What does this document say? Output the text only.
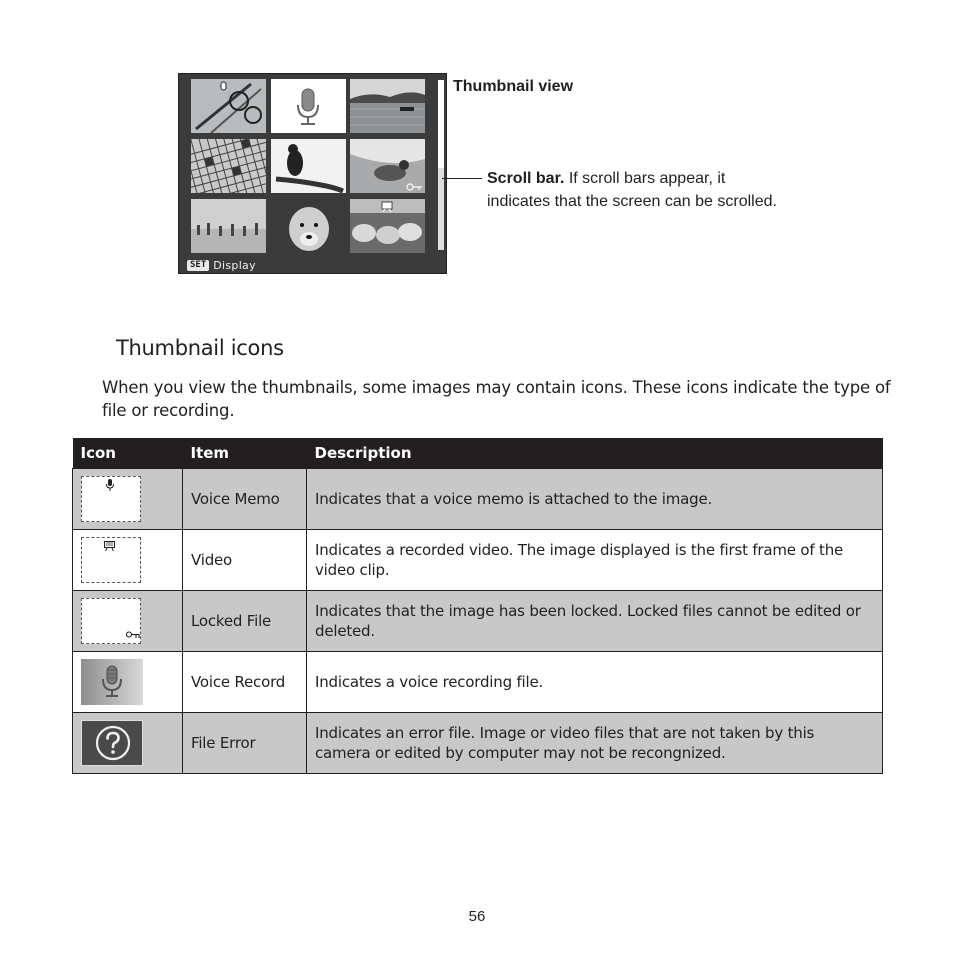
SET Display
Thumbnail view
Scroll bar. If scroll bars appear, it indicates that the screen can be scrolled.
Thumbnail icons
When you view the thumbnails, some images may contain icons. These icons indicate the type of file or recording.
Icon	Item	Description

	Voice Memo	Indicates that a voice memo is attached to the image.

	Video	Indicates a recorded video. The image displayed is the first frame of the video clip.

	Locked File	Indicates that the image has been locked. Locked files cannot be edited or deleted.

	Voice Record	Indicates a voice recording file.

	File Error	Indicates an error file. Image or video files that are not taken by this camera or edited by computer may not be recongnized.
56
